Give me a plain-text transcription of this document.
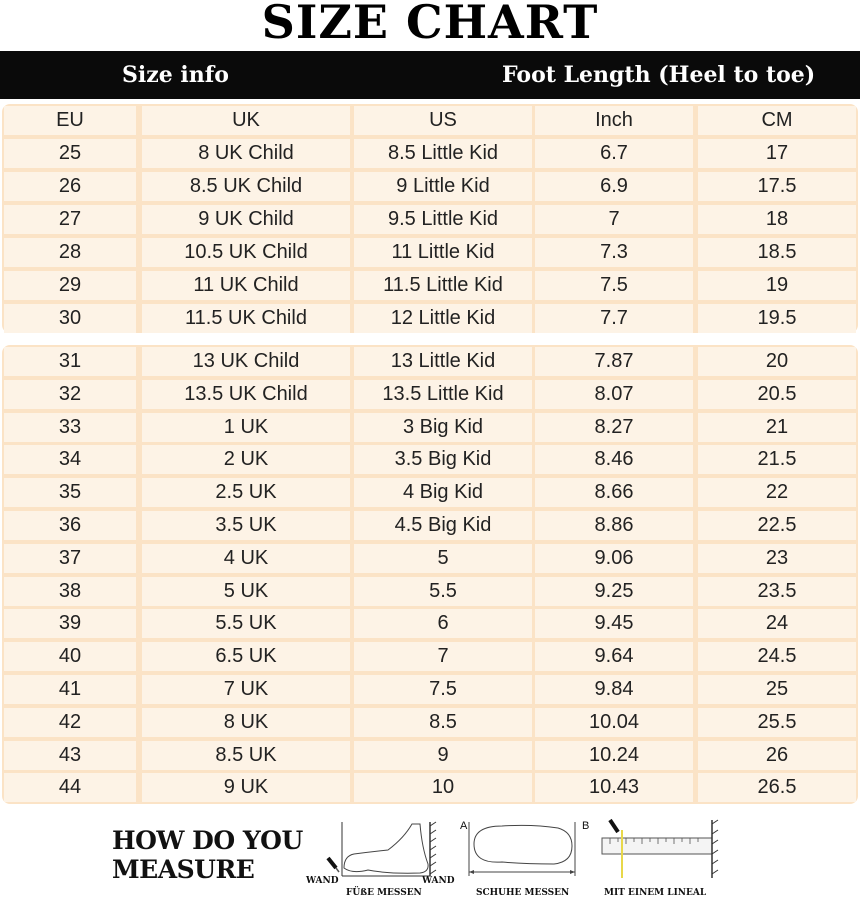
SIZE CHART
Size info	Foot Length (Heel to toe)
EU	UK	US	Inch	CM
25	8 UK Child	8.5 Little Kid	6.7	17
26	8.5 UK Child	9 Little Kid	6.9	17.5
27	9 UK Child	9.5 Little Kid	7	18
28	10.5 UK Child	11 Little Kid	7.3	18.5
29	11 UK Child	11.5 Little Kid	7.5	19
30	11.5 UK Child	12 Little Kid	7.7	19.5
31	13 UK Child	13 Little Kid	7.87	20
32	13.5 UK Child	13.5 Little Kid	8.07	20.5
33	1 UK	3 Big Kid	8.27	21
34	2 UK	3.5 Big Kid	8.46	21.5
35	2.5 UK	4 Big Kid	8.66	22
36	3.5 UK	4.5 Big Kid	8.86	22.5
37	4 UK	5	9.06	23
38	5 UK	5.5	9.25	23.5
39	5.5 UK	6	9.45	24
40	6.5 UK	7	9.64	24.5
41	7 UK	7.5	9.84	25
42	8 UK	8.5	10.04	25.5
43	8.5 UK	9	10.24	26
44	9 UK	10	10.43	26.5
HOW DO YOU
MEASURE	WAND	WAND
FÜßE MESSEN
A	B
SCHUHE MESSEN	MIT EINEM LINEAL
